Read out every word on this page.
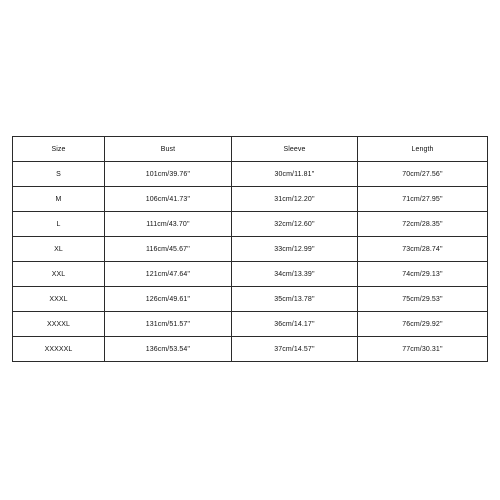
Size	Bust	Sleeve	Length
S	101cm/39.76''	30cm/11.81''	70cm/27.56''
M	106cm/41.73''	31cm/12.20''	71cm/27.95''
L	111cm/43.70''	32cm/12.60''	72cm/28.35''
XL	116cm/45.67''	33cm/12.99''	73cm/28.74''
XXL	121cm/47.64''	34cm/13.39''	74cm/29.13''
XXXL	126cm/49.61''	35cm/13.78''	75cm/29.53''
XXXXL	131cm/51.57''	36cm/14.17''	76cm/29.92''
XXXXXL	136cm/53.54''	37cm/14.57''	77cm/30.31''
